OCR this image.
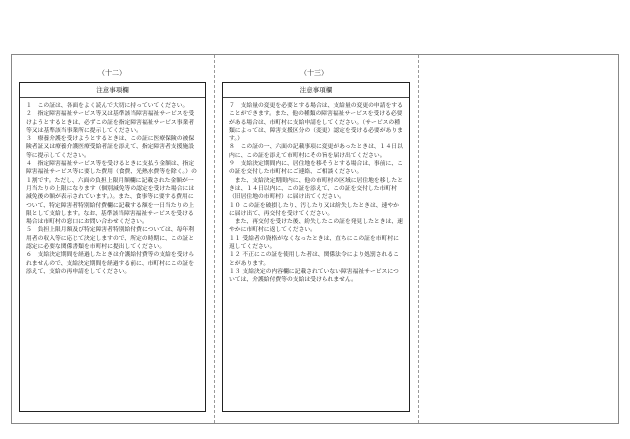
（十二）
注意事項欄

１　この証は、各面をよく読んで大切に持っていてください。

２　指定障害福祉サービス等又は基準該当障害福祉サービスを受けようとするときは、必ずこの証を指定障害福祉サービス事業者等又は基準該当事業所に提示してください。

３　療養介護を受けようとするときは、この証に医療保険の被保険者証又は療養介護医療受給者証を添えて、指定障害者支援施設等に提示してください。

４　指定障害福祉サービス等を受けるときに支払う金額は、指定障害福祉サービス等に要した費用（食費、光熱水費等を除く。）の１割です。ただし、六面の負担上限月額欄に記載された金額が一月当たりの上限になります（個別減免等の認定を受けた場合には減免後の額が表示されています。）。また、食事等に要する費用について、特定障害者特別給付費欄に記載する額を一日当たりの上限として支給します。なお、基準該当障害福祉サービスを受ける場合は市町村の窓口にお問い合わせください。

５　負担上限月額及び特定障害者特別給付費については、毎年利用者の収入等に応じて決定しますので、所定の時期に、この証と認定に必要な関係書類を市町村に提出してください。

６　支給決定期間を経過したときは介護給付費等の支給を受けられませんので、支給決定期間を経過する前に、市町村にこの証を添えて、支給の再申請をしてください。

（十三）
注意事項欄

７　支給量の変更を必要とする場合は、支給量の変更の申請をすることができます。また、他の種類の障害福祉サービスを受ける必要がある場合は、市町村に支給申請をしてください。（サービスの種類によっては、障害支援区分の（変更）認定を受ける必要があります。）

８　この証の一、六面の記載事項に変更があったときは、１４日以内に、この証を添えて市町村にその旨を届け出てください。

９　支給決定期間内に、居住地を移そうとする場合は、事前に、この証を交付した市町村にご連絡、ご相談ください。

　また、支給決定期間内に、他の市町村の区域に居住地を移したときは、１４日以内に、この証を添えて、この証を交付した市町村（旧居住地の市町村）に届け出てください。

１０ この証を破損したり、汚したり又は紛失したときは、速やかに届け出て、再交付を受けてください。

　また、再交付を受けた後、紛失したこの証を発見したときは、速やかに市町村に返してください。

１１ 受給者の資格がなくなったときは、直ちにこの証を市町村に返してください。

１２ 不正にこの証を使用した者は、関係法令により処罰されることがあります。

１３ 支給決定の内容欄に記載されていない障害福祉サービスについては、介護給付費等の支給は受けられません。
